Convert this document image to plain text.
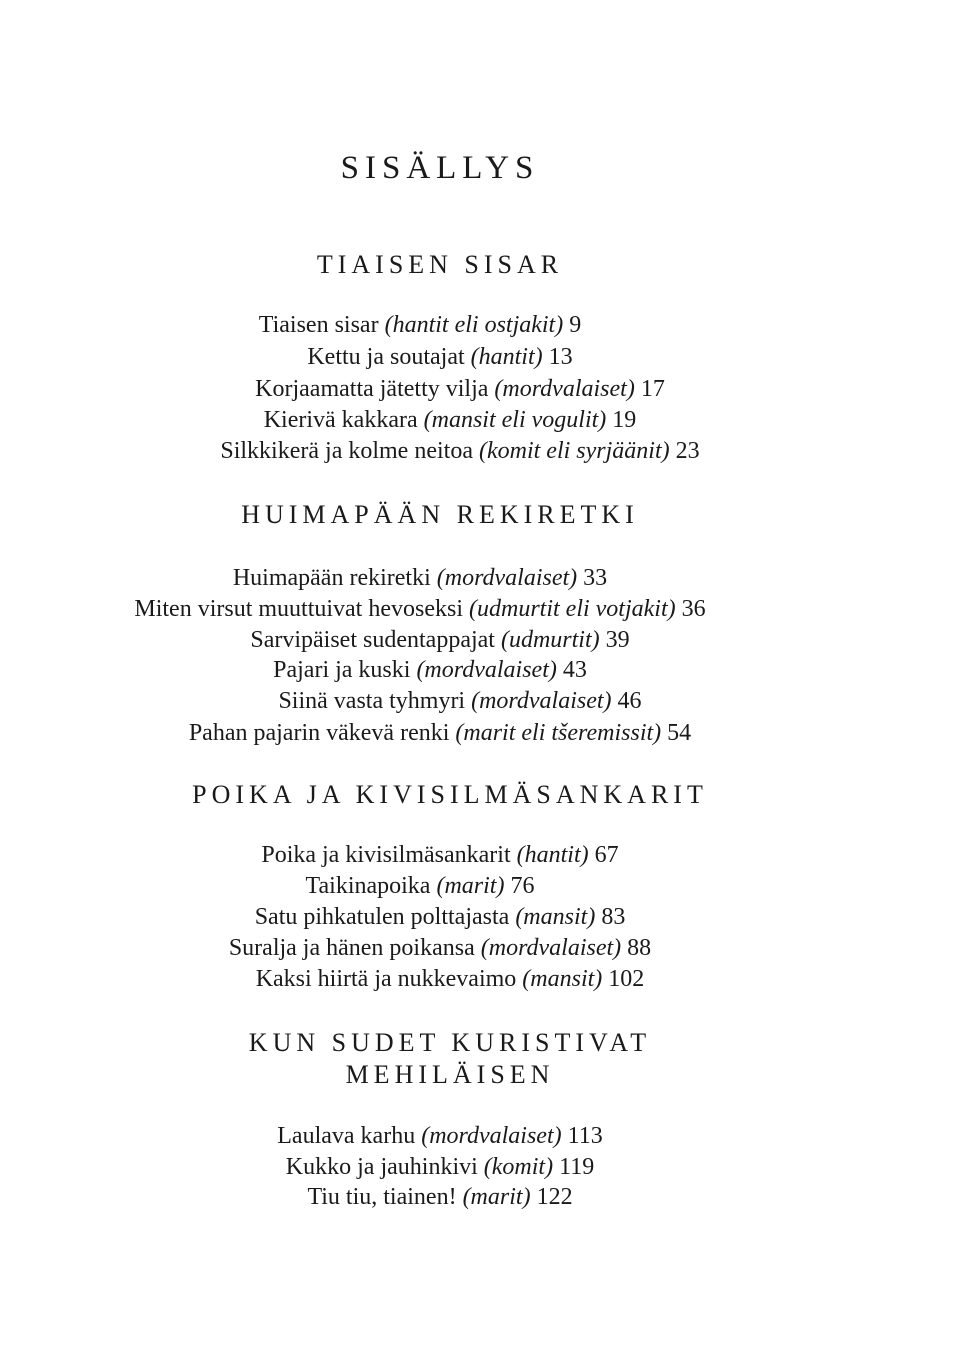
SISÄLLYS
TIAISEN SISAR
Tiaisen sisar (hantit eli ostjakit) 9
Kettu ja soutajat (hantit) 13
Korjaamatta jätetty vilja (mordvalaiset) 17
Kierivä kakkara (mansit eli vogulit) 19
Silkkikerä ja kolme neitoa (komit eli syrjäänit) 23
HUIMAPÄÄN REKIRETKI
Huimapään rekiretki (mordvalaiset) 33
Miten virsut muuttuivat hevoseksi (udmurtit eli votjakit) 36
Sarvipäiset sudentappajat (udmurtit) 39
Pajari ja kuski (mordvalaiset) 43
Siinä vasta tyhmyri (mordvalaiset) 46
Pahan pajarin väkevä renki (marit eli tšeremissit) 54
POIKA JA KIVISILMÄSANKARIT
Poika ja kivisilmäsankarit (hantit) 67
Taikinapoika (marit) 76
Satu pihkatulen polttajasta (mansit) 83
Suralja ja hänen poikansa (mordvalaiset) 88
Kaksi hiirtä ja nukkevaimo (mansit) 102
KUN SUDET KURISTIVAT
MEHILÄISEN
Laulava karhu (mordvalaiset) 113
Kukko ja jauhinkivi (komit) 119
Tiu tiu, tiainen! (marit) 122
